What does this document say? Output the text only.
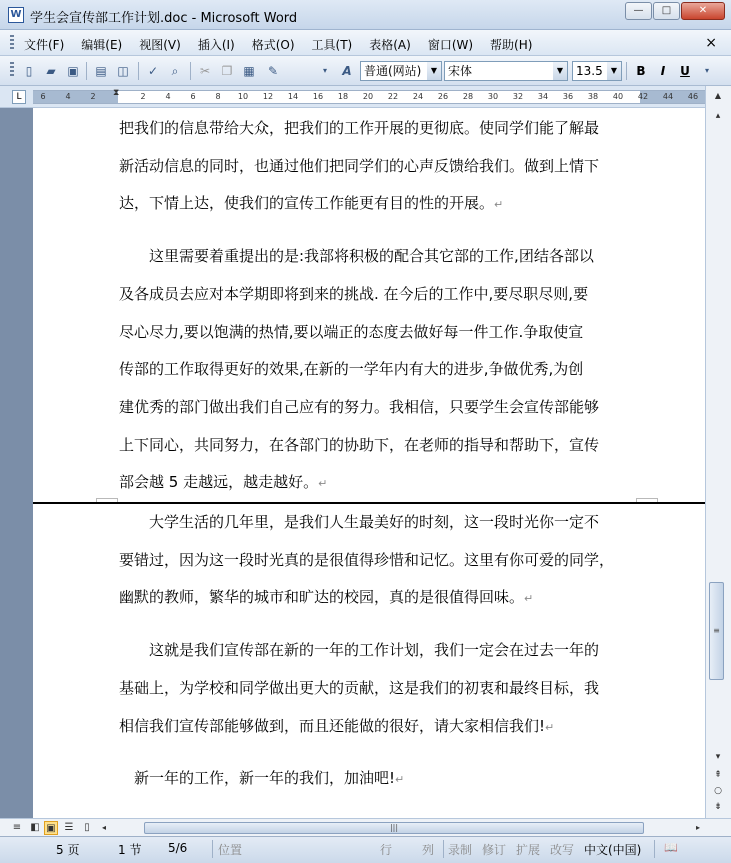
W 学生会宣传部工作计划.doc - Microsoft Word
—	□	✕
文件(F) 编辑(E) 视图(V) 插入(I) 格式(O) 工具(T) 表格(A) 窗口(W) 帮助(H)	×
▯	▰ ▣ ▤ ◫	✓	⌕	✂ ❐ ▦	✎	▾	A	普通(网站)	▼ 宋体	▼	13.5	▼	B	I	U	▾
L	6 4 2	2 4 6 8 10 12 14 16 18 20 22 24 26 28 30 32 34 36 38 40 42 44 46
⧗
把我们的信息带给大众，把我们的工作开展的更彻底。使同学们能了解最
新活动信息的同时，也通过他们把同学们的心声反馈给我们。做到上情下
达，下情上达，使我们的宣传工作能更有目的性的开展。↵
　　这里需要着重提出的是:我部将积极的配合其它部的工作,团结各部以
及各成员去应对本学期即将到来的挑战. 在今后的工作中,要尽职尽则,要
尽心尽力,要以饱满的热情,要以端正的态度去做好每一件工作.争取使宣
传部的工作取得更好的效果,在新的一学年内有大的进步,争做优秀,为创
建优秀的部门做出我们自己应有的努力。我相信，只要学生会宣传部能够
上下同心，共同努力，在各部门的协助下，在老师的指导和帮助下，宣传
部会越 5 走越远，越走越好。↵
　　大学生活的几年里，是我们人生最美好的时刻，这一段时光你一定不
要错过，因为这一段时光真的是很值得珍惜和记忆。这里有你可爱的同学，
幽默的教师，繁华的城市和旷达的校园，真的是很值得回味。↵
　　这就是我们宣传部在新的一年的工作计划，我们一定会在过去一年的
基础上，为学校和同学做出更大的贡献，这是我们的初衷和最终目标，我
相信我们宣传部能够做到，而且还能做的很好，请大家相信我们!↵
　新一年的工作，新一年的我们，加油吧!↵
▲
▴
≡
▾
⇞
○
⇟
≡ ◧ ▣ ☰	▯	◂	|||	▸
5 页	1 节 5/6	位置	行 列 录制 修订 扩展 改写 中文(中国) 📖
